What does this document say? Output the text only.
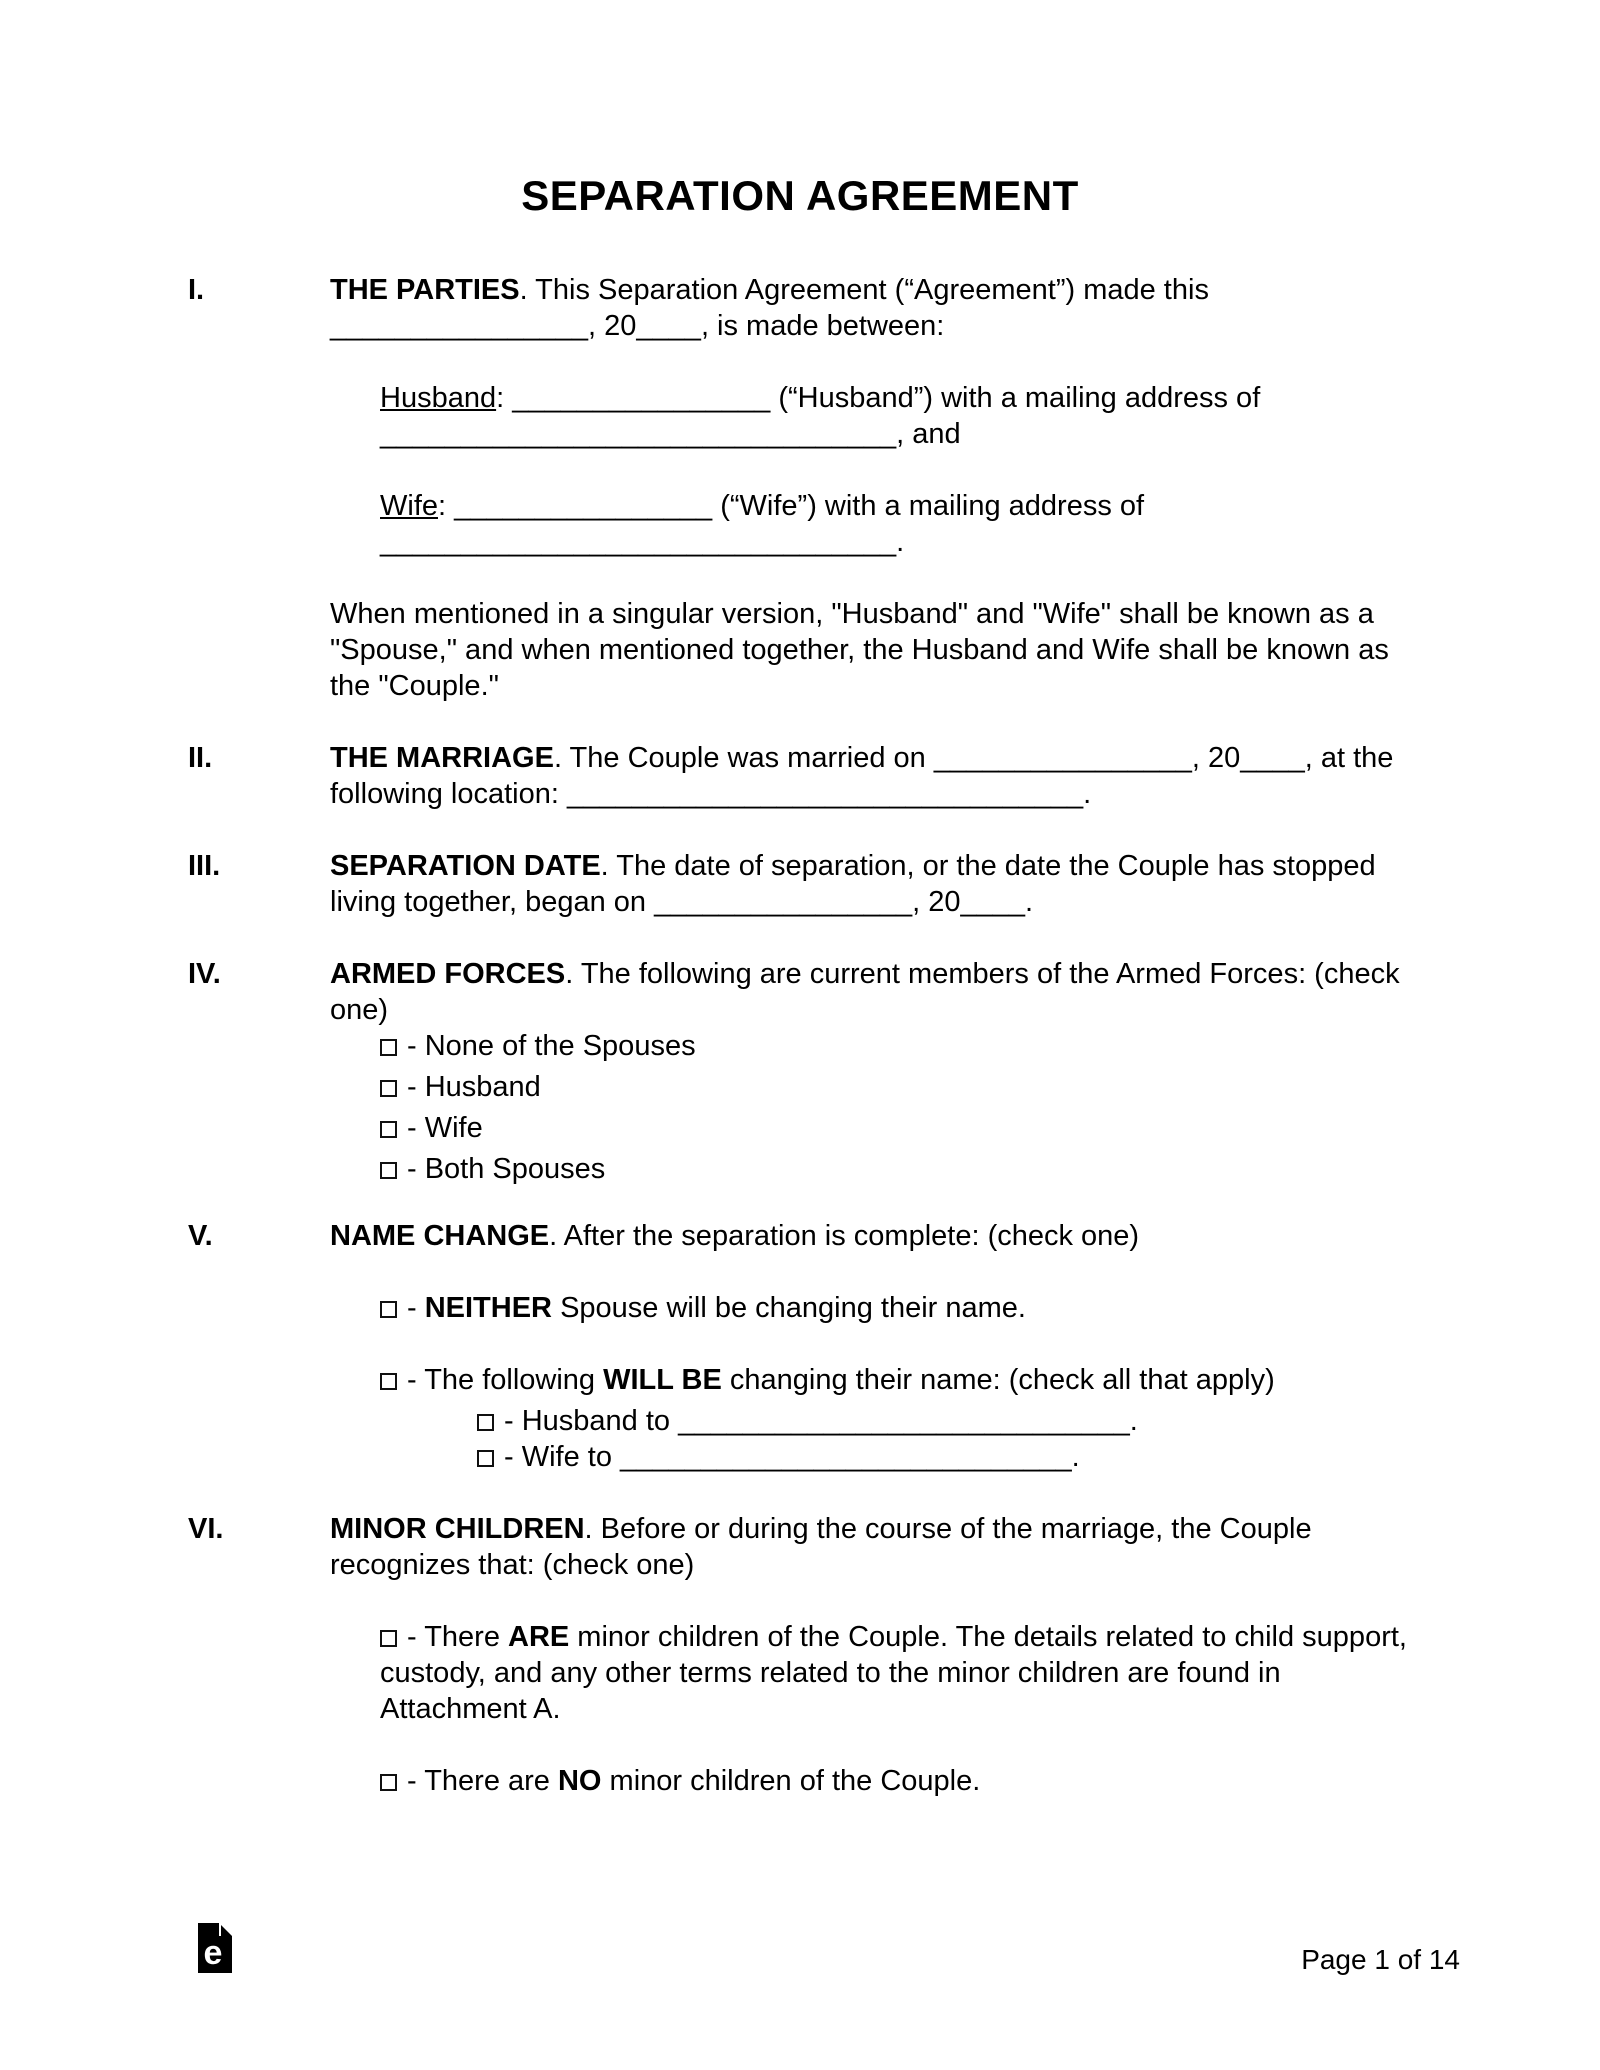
SEPARATION AGREEMENT
I.	THE PARTIES. This Separation Agreement (“Agreement”) made this ________________, 20____, is made between:

Husband: ________________ (“Husband”) with a mailing address of ________________________________, and

Wife: ________________ (“Wife”) with a mailing address of ________________________________.

When mentioned in a singular version, "Husband" and "Wife" shall be known as a "Spouse," and when mentioned together, the Husband and Wife shall be known as the "Couple."

II.	THE MARRIAGE. The Couple was married on ________________, 20____, at the following location: ________________________________.

III.	SEPARATION DATE. The date of separation, or the date the Couple has stopped living together, began on ________________, 20____.

IV.	ARMED FORCES. The following are current members of the Armed Forces: (check one)

- None of the Spouses
- Husband
- Wife
- Both Spouses
V.	NAME CHANGE. After the separation is complete: (check one)

- NEITHER Spouse will be changing their name.
- The following WILL BE changing their name: (check all that apply)
- Husband to ____________________________.
- Wife to ____________________________.
VI.	MINOR CHILDREN. Before or during the course of the marriage, the Couple recognizes that: (check one)

- There ARE minor children of the Couple. The details related to child support, custody, and any other terms related to the minor children are found in Attachment A.
- There are NO minor children of the Couple.
e	Page 1 of 14
